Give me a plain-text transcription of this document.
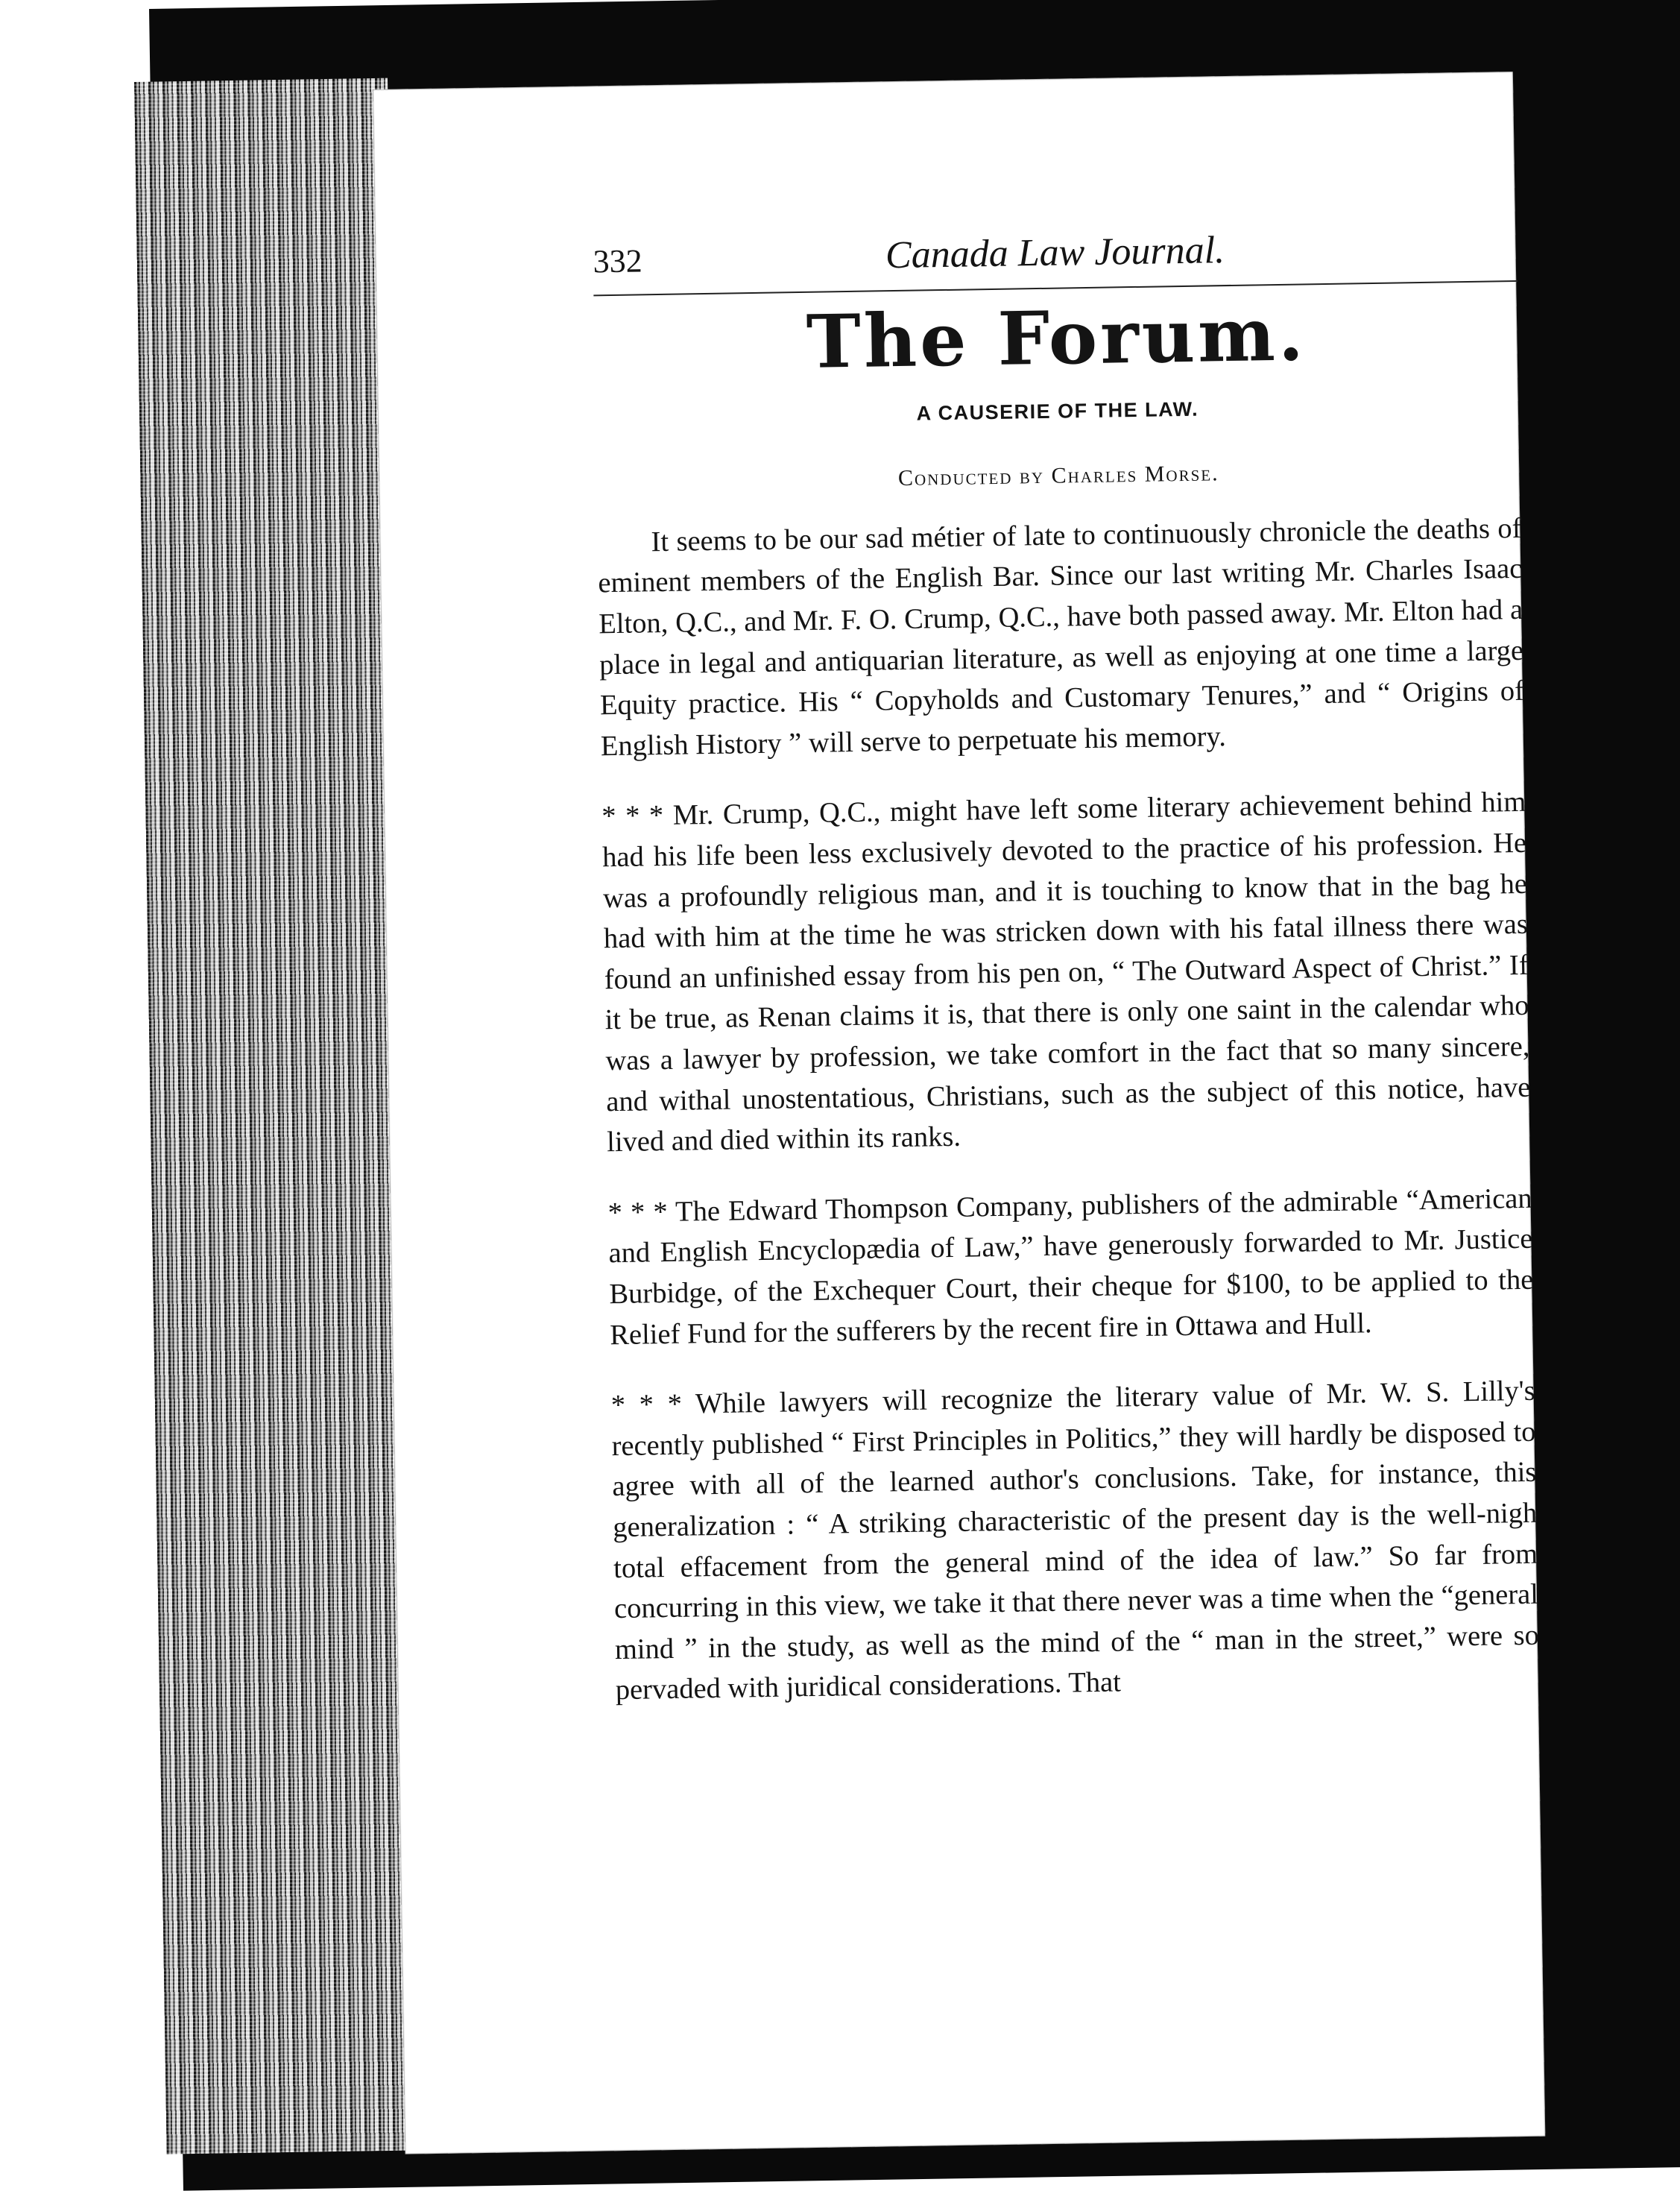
332	Canada Law Journal.
The Forum.
A CAUSERIE OF THE LAW.
Conducted by Charles Morse.

It seems to be our sad métier of late to continuously chronicle the deaths of eminent members of the English Bar. Since our last writing Mr. Charles Isaac Elton, Q.C., and Mr. F. O. Crump, Q.C., have both passed away. Mr. Elton had a place in legal and antiquarian literature, as well as enjoying at one time a large Equity practice. His “ Copyholds and Customary Tenures,” and “ Origins of English History ” will serve to perpetuate his memory.

* * * Mr. Crump, Q.C., might have left some literary achievement behind him had his life been less exclusively devoted to the practice of his profession. He was a profoundly religious man, and it is touching to know that in the bag he had with him at the time he was stricken down with his fatal illness there was found an unfinished essay from his pen on, “ The Outward Aspect of Christ.” If it be true, as Renan claims it is, that there is only one saint in the calendar who was a lawyer by profession, we take comfort in the fact that so many sincere, and withal unostentatious, Christians, such as the subject of this notice, have lived and died within its ranks.

* * * The Edward Thompson Company, publishers of the admirable “American and English Encyclopædia of Law,” have generously forwarded to Mr. Justice Burbidge, of the Exchequer Court, their cheque for $100, to be applied to the Relief Fund for the sufferers by the recent fire in Ottawa and Hull.

* * * While lawyers will recognize the literary value of Mr. W. S. Lilly's recently published “ First Principles in Politics,” they will hardly be disposed to agree with all of the learned author's conclusions. Take, for instance, this generalization : “ A striking characteristic of the present day is the well-nigh total effacement from the general mind of the idea of law.” So far from concurring in this view, we take it that there never was a time when the “general mind ” in the study, as well as the mind of the “ man in the street,” were so pervaded with juridical considerations. That
